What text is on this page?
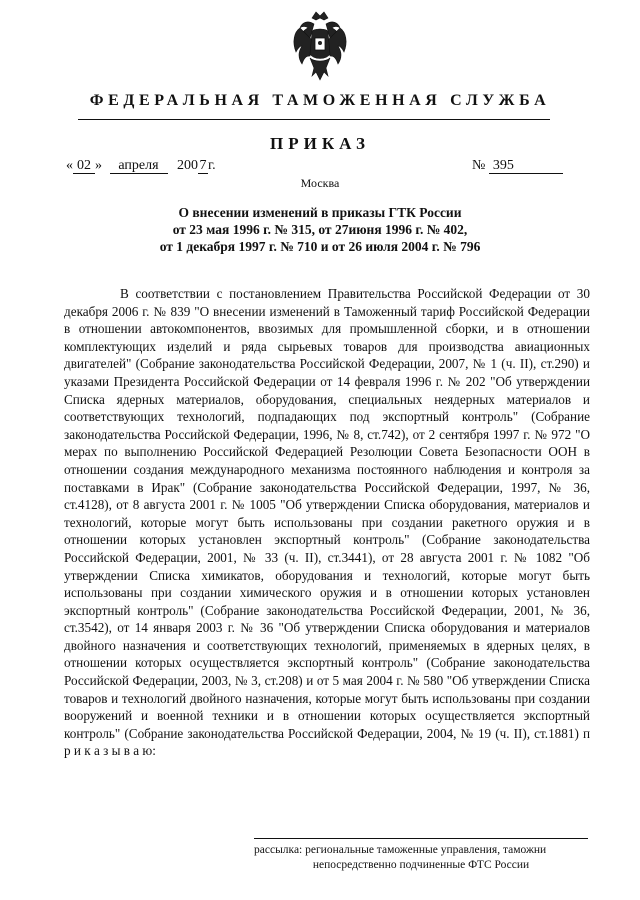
ФЕДЕРАЛЬНАЯ ТАМОЖЕННАЯ СЛУЖБА
ПРИКАЗ
« 02 » апреля 200 7 г.	№ 395
Москва
О внесении изменений в приказы ГТК России
от 23 мая 1996 г. № 315, от 27июня 1996 г. № 402,
от 1 декабря 1997 г. № 710 и от 26 июля 2004 г. № 796
В соответствии с постановлением Правительства Российской Федерации от 30 декабря 2006 г. № 839 "О внесении изменений в Таможенный тариф Российской Федерации в отношении автокомпонентов, ввозимых для промышленной сборки, и в отношении комплектующих изделий и ряда сырьевых товаров для производства авиационных двигателей" (Собрание законодательства Российской Федерации, 2007, № 1 (ч. II), ст.290) и указами Президента Российской Федерации от 14 февраля 1996 г. № 202 "Об утверждении Списка ядерных материалов, оборудования, специальных неядерных материалов и соответствующих технологий, подпадающих под экспортный контроль" (Собрание законодательства Российской Федерации, 1996, № 8, ст.742), от 2 сентября 1997 г. № 972 "О мерах по выполнению Российской Федерацией Резолюции Совета Безопасности ООН в отношении создания международного механизма постоянного наблюдения и контроля за поставками в Ирак" (Собрание законодательства Российской Федерации, 1997, № 36, ст.4128), от 8 августа 2001 г. № 1005 "Об утверждении Списка оборудования, материалов и технологий, которые могут быть использованы при создании ракетного оружия и в отношении которых установлен экспортный контроль" (Собрание законодательства Российской Федерации, 2001, № 33 (ч. II), ст.3441), от 28 августа 2001 г. № 1082 "Об утверждении Списка химикатов, оборудования и технологий, которые могут быть использованы при создании химического оружия и в отношении которых установлен экспортный контроль" (Собрание законодательства Российской Федерации, 2001, № 36, ст.3542), от 14 января 2003 г. № 36 "Об утверждении Списка оборудования и материалов двойного назначения и соответствующих технологий, применяемых в ядерных целях, в отношении которых осуществляется экспортный контроль" (Собрание законодательства Российской Федерации, 2003, № 3, ст.208) и от 5 мая 2004 г. № 580 "Об утверждении Списка товаров и технологий двойного назначения, которые могут быть использованы при создании вооружений и военной техники и в отношении которых осуществляется экспортный контроль" (Собрание законодательства Российской Федерации, 2004, № 19 (ч. II), ст.1881) п р и к а з ы в а ю:
рассылка: региональные таможенные управления, таможни
непосредственно подчиненные ФТС России
